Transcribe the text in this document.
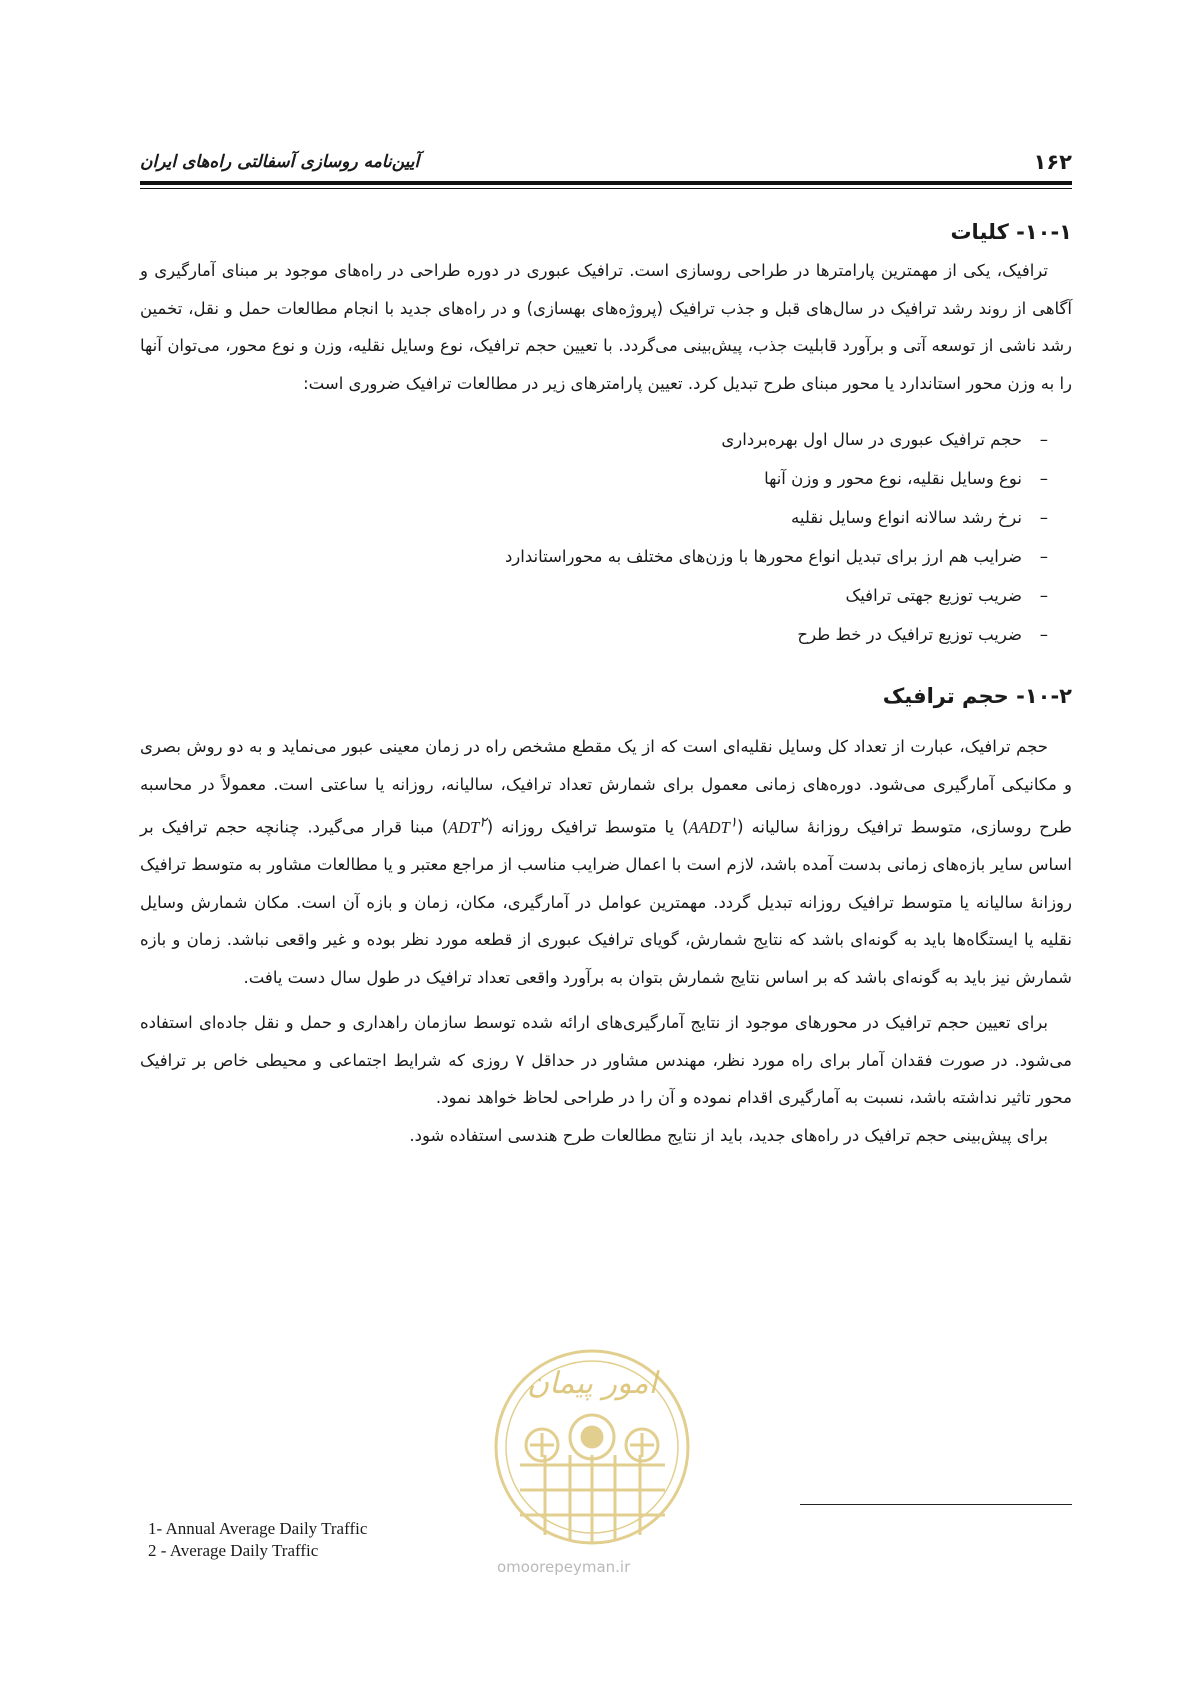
۱۶۲
آیین‌نامه روسازی آسفالتی راه‌های ایران
۱۰-۱- کلیات

ترافیک، یکی از مهمترین پارامترها در طراحی روسازی است. ترافیک عبوری در دوره طراحی در راه‌های موجود بر مبنای آمارگیری و آگاهی از روند رشد ترافیک در سال‌های قبل و جذب ترافیک (پروژه‌های بهسازی) و در راه‌های جدید با انجام مطالعات حمل و نقل، تخمین رشد ناشی از توسعه آتی و برآورد قابلیت جذب، پیش‌بینی می‌گردد. با تعیین حجم ترافیک، نوع وسایل نقلیه، وزن و نوع محور، می‌توان آنها را به وزن محور استاندارد یا محور مبنای طرح تبدیل کرد. تعیین پارامترهای زیر در مطالعات ترافیک ضروری است:

–حجم ترافیک عبوری در سال اول بهره‌برداری
–نوع وسایل نقلیه، نوع محور و وزن آنها
–نرخ رشد سالانه انواع وسایل نقلیه
–ضرایب هم ارز برای تبدیل انواع محورها با وزن‌های مختلف به محوراستاندارد
–ضریب توزیع جهتی ترافیک
–ضریب توزیع ترافیک در خط طرح
۱۰-۲- حجم ترافیک

حجم ترافیک، عبارت از تعداد کل وسایل نقلیه‌ای است که از یک مقطع مشخص راه در زمان معینی عبور می‌نماید و به دو روش بصری و مکانیکی آمارگیری می‌شود. دوره‌های زمانی معمول برای شمارش تعداد ترافیک، سالیانه، روزانه یا ساعتی است. معمولاً در محاسبه طرح روسازی، متوسط ترافیک روزانهٔ سالیانه (AADT$^۱$) یا متوسط ترافیک روزانه (ADT$^۲$) مبنا قرار می‌گیرد. چنانچه حجم ترافیک بر اساس سایر بازه‌های زمانی بدست آمده باشد، لازم است با اعمال ضرایب مناسب از مراجع معتبر و یا مطالعات مشاور به متوسط ترافیک روزانهٔ سالیانه یا متوسط ترافیک روزانه تبدیل گردد. مهمترین عوامل در آمارگیری، مکان، زمان و بازه آن است. مکان شمارش وسایل نقلیه یا ایستگاه‌ها باید به گونه‌ای باشد که نتایج شمارش، گویای ترافیک عبوری از قطعه مورد نظر بوده و غیر واقعی نباشد. زمان و بازه شمارش نیز باید به گونه‌ای باشد که بر اساس نتایج شمارش بتوان به برآورد واقعی تعداد ترافیک در طول سال دست یافت.

برای تعیین حجم ترافیک در محورهای موجود از نتایج آمارگیری‌های ارائه شده توسط سازمان راهداری و حمل و نقل جاده‌ای استفاده می‌شود. در صورت فقدان آمار برای راه مورد نظر، مهندس مشاور در حداقل ۷ روزی که شرایط اجتماعی و محیطی خاص بر ترافیک محور تاثیر نداشته باشد، نسبت به آمارگیری اقدام نموده و آن را در طراحی لحاظ خواهد نمود.

برای پیش‌بینی حجم ترافیک در راه‌های جدید، باید از نتایج مطالعات طرح هندسی استفاده شود.

امور پیمان
omoorepeyman.ir
1- Annual Average Daily Traffic
2 - Average Daily Traffic
